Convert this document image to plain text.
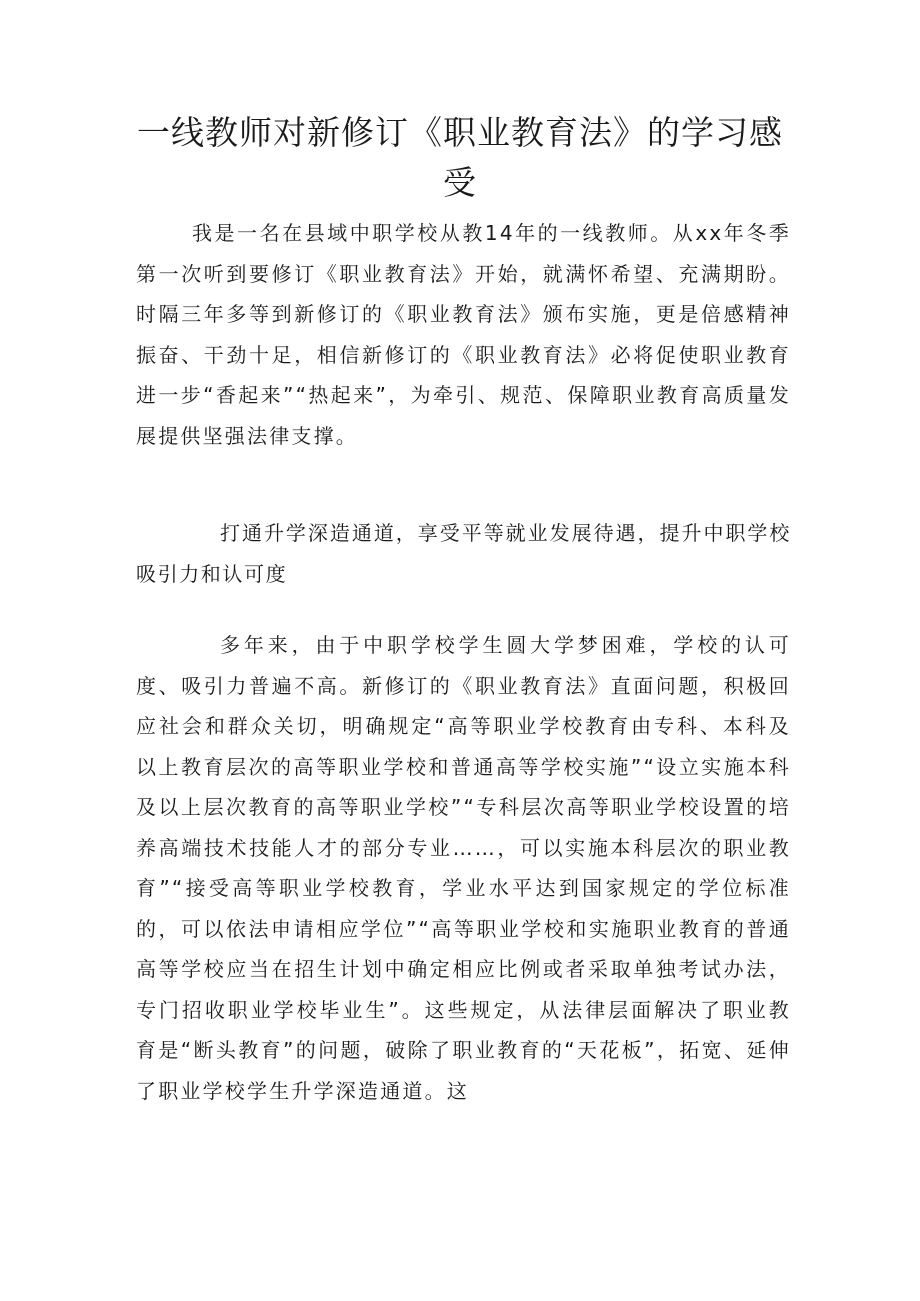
一线教师对新修订《职业教育法》的学习感受

我是一名在县域中职学校从教14年的一线教师。从xx年冬季第一次听到要修订《职业教育法》开始，就满怀希望、充满期盼。时隔三年多等到新修订的《职业教育法》颁布实施，更是倍感精神振奋、干劲十足，相信新修订的《职业教育法》必将促使职业教育进一步“香起来”“热起来”，为牵引、规范、保障职业教育高质量发展提供坚强法律支撑。

打通升学深造通道，享受平等就业发展待遇，提升中职学校吸引力和认可度

多年来，由于中职学校学生圆大学梦困难，学校的认可度、吸引力普遍不高。新修订的《职业教育法》直面问题，积极回应社会和群众关切，明确规定“高等职业学校教育由专科、本科及以上教育层次的高等职业学校和普通高等学校实施”“设立实施本科及以上层次教育的高等职业学校”“专科层次高等职业学校设置的培养高端技术技能人才的部分专业……，可以实施本科层次的职业教育”“接受高等职业学校教育，学业水平达到国家规定的学位标准的，可以依法申请相应学位”“高等职业学校和实施职业教育的普通高等学校应当在招生计划中确定相应比例或者采取单独考试办法，专门招收职业学校毕业生”。这些规定，从法律层面解决了职业教育是“断头教育”的问题，破除了职业教育的“天花板”，拓宽、延伸了职业学校学生升学深造通道。这
